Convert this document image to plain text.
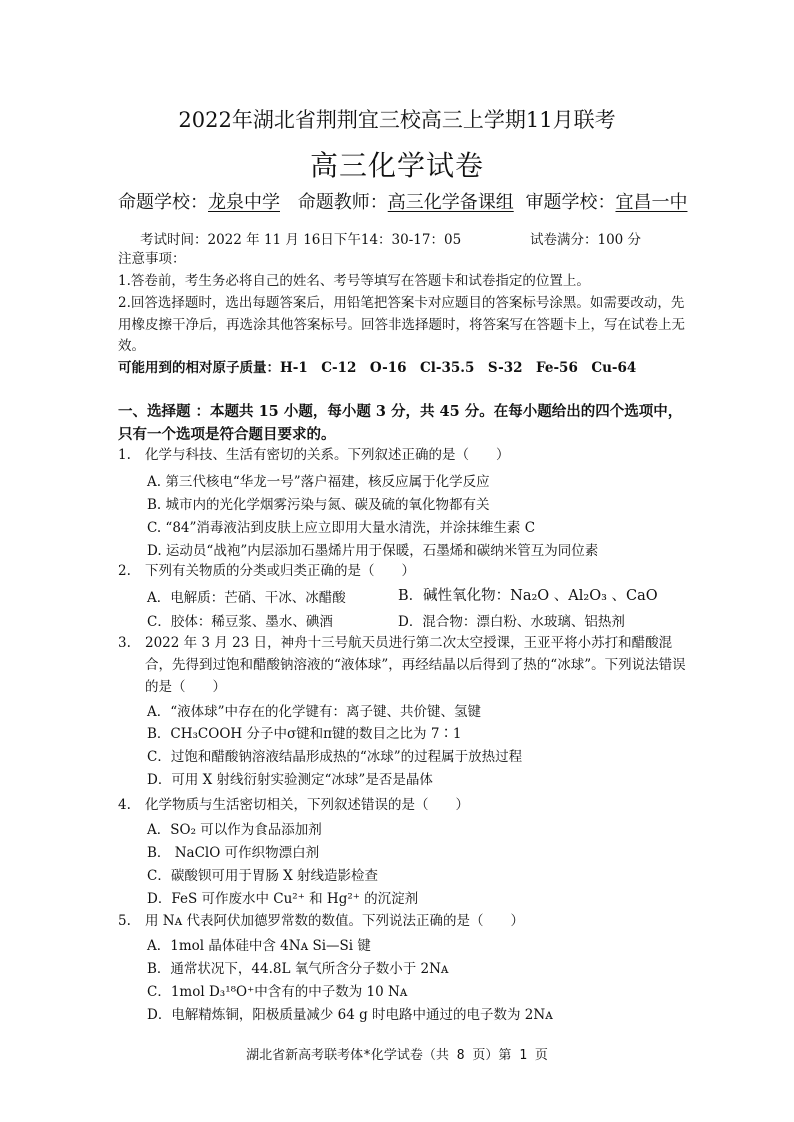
2022年湖北省荆荆宜三校高三上学期11月联考
高三化学试卷
命题学校：龙泉中学 命题教师：高三化学备课组 审题学校：宜昌一中
考试时间：2022 年 11 月 16日下午14：30-17：05	试卷满分：100 分
注意事项：
1.答卷前，考生务必将自己的姓名、考号等填写在答题卡和试卷指定的位置上。
2.回答选择题时，选出每题答案后，用铅笔把答案卡对应题目的答案标号涂黑。如需要改动，先用橡皮擦干净后，再选涂其他答案标号。回答非选择题时，将答案写在答题卡上，写在试卷上无效。
可能用到的相对原子质量：H-1　C-12　O-16　Cl-35.5　S-32　Fe-56　Cu-64
一、选择题 ：本题共 15 小题，每小题 3 分，共 45 分。在每小题给出的四个选项中，只有一个选项是符合题目要求的。
1. 化学与科技、生活有密切的关系。下列叙述正确的是（　　）
A. 第三代核电“华龙一号”落户福建，核反应属于化学反应
B. 城市内的光化学烟雾污染与氮、碳及硫的氧化物都有关
C. “84”消毒液沾到皮肤上应立即用大量水清洗，并涂抹维生素 C
D. 运动员“战袍”内层添加石墨烯片用于保暖，石墨烯和碳纳米管互为同位素
2. 下列有关物质的分类或归类正确的是（　　）
A．电解质：芒硝、干冰、冰醋酸	B．碱性氧化物：Na₂O 、Al₂O₃ 、CaO
C．胶体：稀豆浆、墨水、碘酒	D．混合物：漂白粉、水玻璃、铝热剂
3.	2022 年 3 月 23 日，神舟十三号航天员进行第二次太空授课，王亚平将小苏打和醋酸混合，先得到过饱和醋酸钠溶液的“液体球”，再经结晶以后得到了热的“冰球”。下列说法错误的是（　　）
A．“液体球”中存在的化学键有：离子键、共价键、氢键
B．CH₃COOH 分子中σ键和π键的数目之比为 7∶1
C．过饱和醋酸钠溶液结晶形成热的“冰球”的过程属于放热过程
D．可用 X 射线衍射实验测定“冰球”是否是晶体
4. 化学物质与生活密切相关，下列叙述错误的是（　　）
A．SO₂ 可以作为食品添加剂
B． NaClO 可作织物漂白剂
C．碳酸钡可用于胃肠 X 射线造影检查
D．FeS 可作废水中 Cu²⁺ 和 Hg²⁺ 的沉淀剂
5. 用 Nᴀ 代表阿伏加德罗常数的数值。下列说法正确的是（　　）
A．1mol 晶体硅中含 4Nᴀ Si—Si 键
B．通常状况下，44.8L 氧气所含分子数小于 2Nᴀ
C．1mol D₃¹⁸O⁺中含有的中子数为 10 Nᴀ
D．电解精炼铜，阳极质量减少 64 g 时电路中通过的电子数为 2Nᴀ
湖北省新高考联考体*化学试卷（共 8 页）第 1 页
